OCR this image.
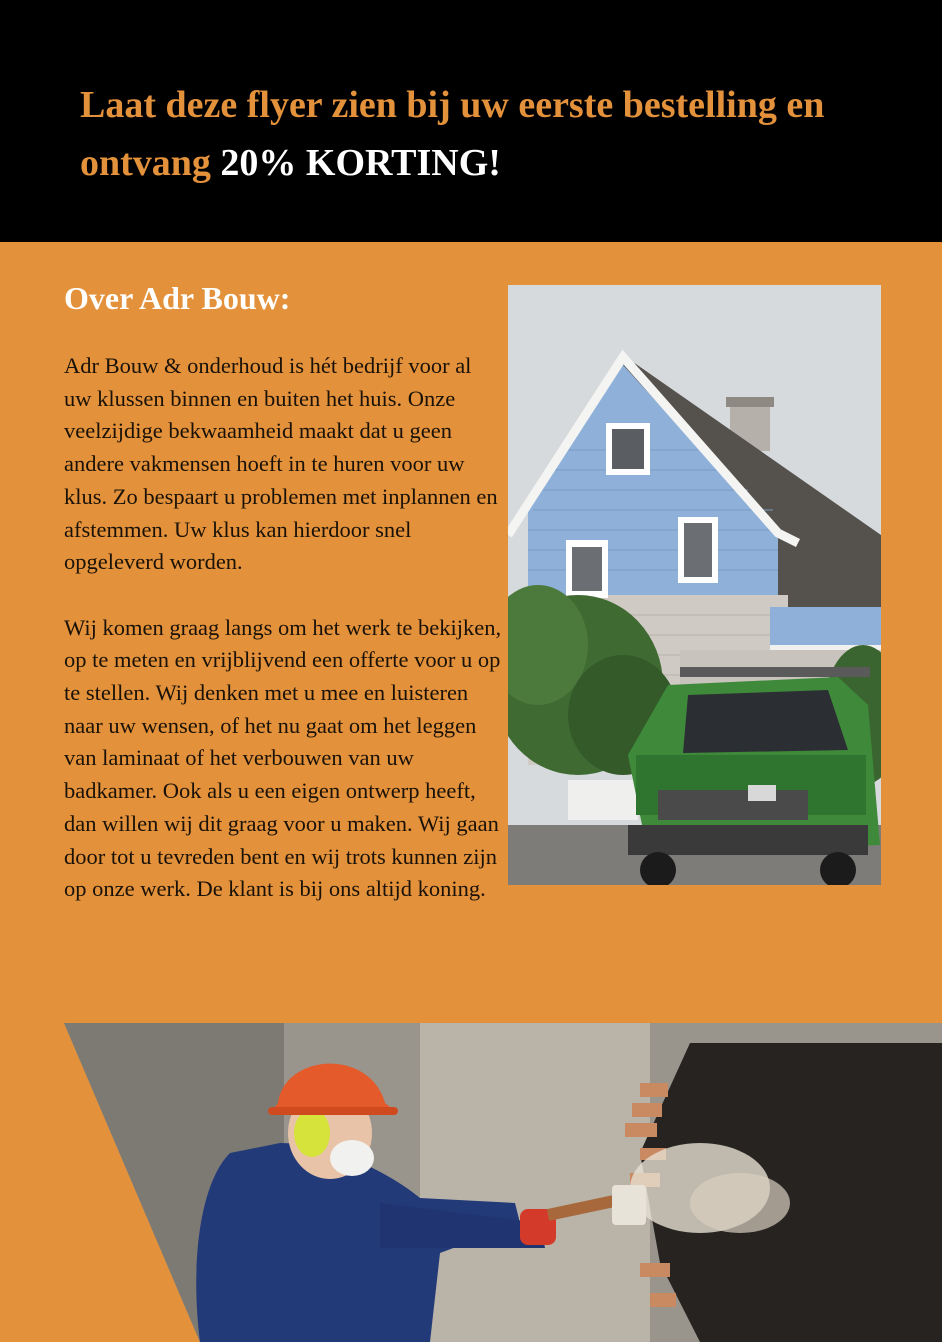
Laat deze flyer zien bij uw eerste bestelling en ontvang 20% KORTING!
Over Adr Bouw:

Adr Bouw & onderhoud is hét bedrijf voor al uw klussen binnen en buiten het huis. Onze veelzijdige bekwaamheid maakt dat u geen andere vakmensen hoeft in te huren voor uw klus. Zo bespaart u problemen met inplannen en afstemmen. Uw klus kan hierdoor snel opgeleverd worden.

Wij komen graag langs om het werk te bekijken, op te meten en vrijblijvend een offerte voor u op te stellen. Wij denken met u mee en luisteren naar uw wensen, of het nu gaat om het leggen van laminaat of het verbouwen van uw badkamer. Ook als u een eigen ontwerp heeft, dan willen wij dit graag voor u maken. Wij gaan door tot u tevreden bent en wij trots kunnen zijn op onze werk. De klant is bij ons altijd koning.
